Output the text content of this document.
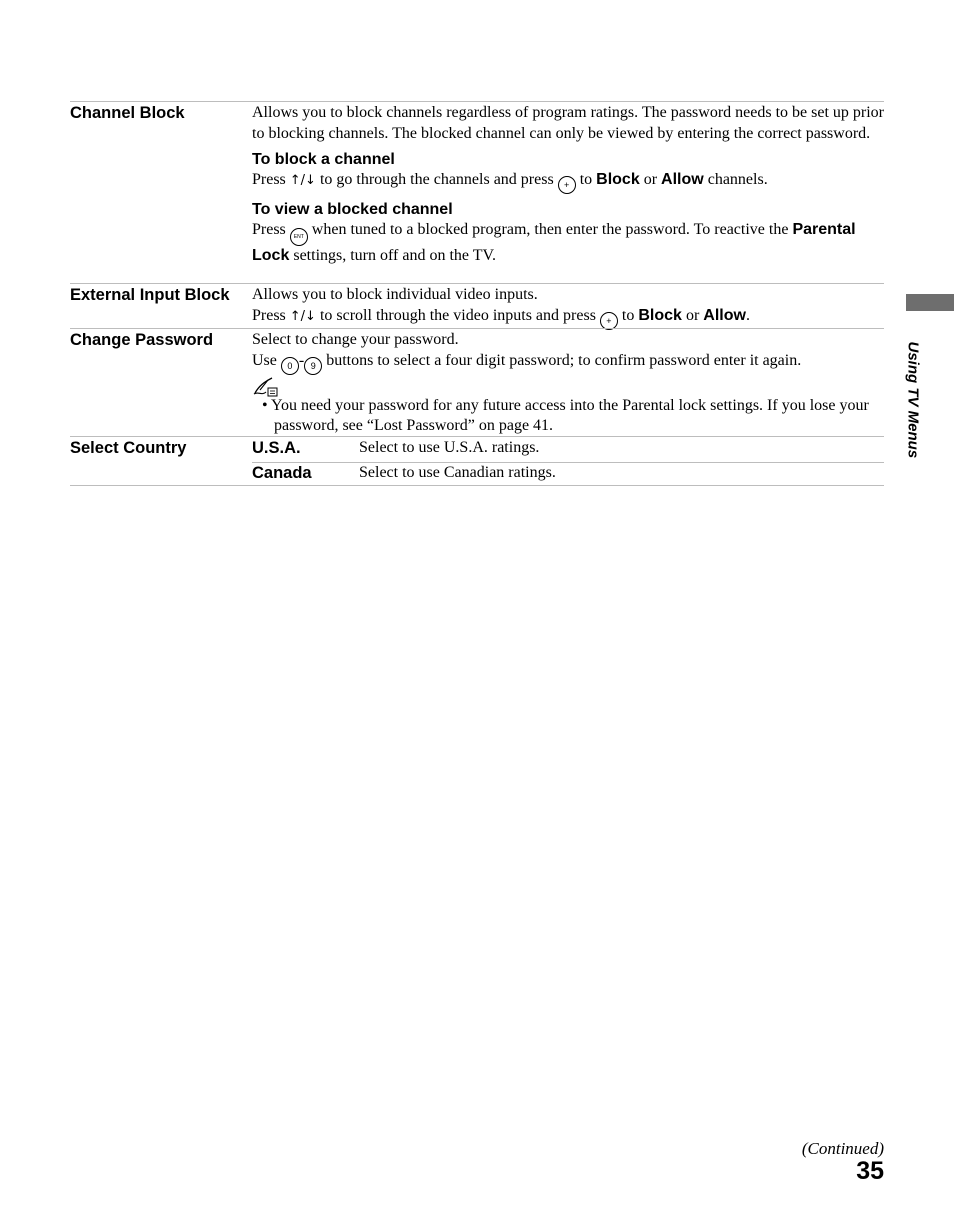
Channel Block	Allows you to block channels regardless of program ratings. The password needs to be set up prior to blocking channels. The blocked channel can only be viewed by entering the correct password.
To block a channel
Press ↑/↓ to go through the channels and press + to Block or Allow channels.
To view a blocked channel
Press ENT when tuned to a blocked program, then enter the password. To reactive the Parental Lock settings, turn off and on the TV.
External Input Block	Allows you to block individual video inputs.
Press ↑/↓ to scroll through the video inputs and press + to Block or Allow.
Change Password	Select to change your password.
Use 0 - 9 buttons to select a four digit password; to confirm password enter it again.
• You need your password for any future access into the Parental lock settings. If you lose your password, see “Lost Password” on page 41.
Select Country	U.S.A.	Select to use U.S.A. ratings.
Canada	Select to use Canadian ratings.
Using TV Menus
(Continued)
35
